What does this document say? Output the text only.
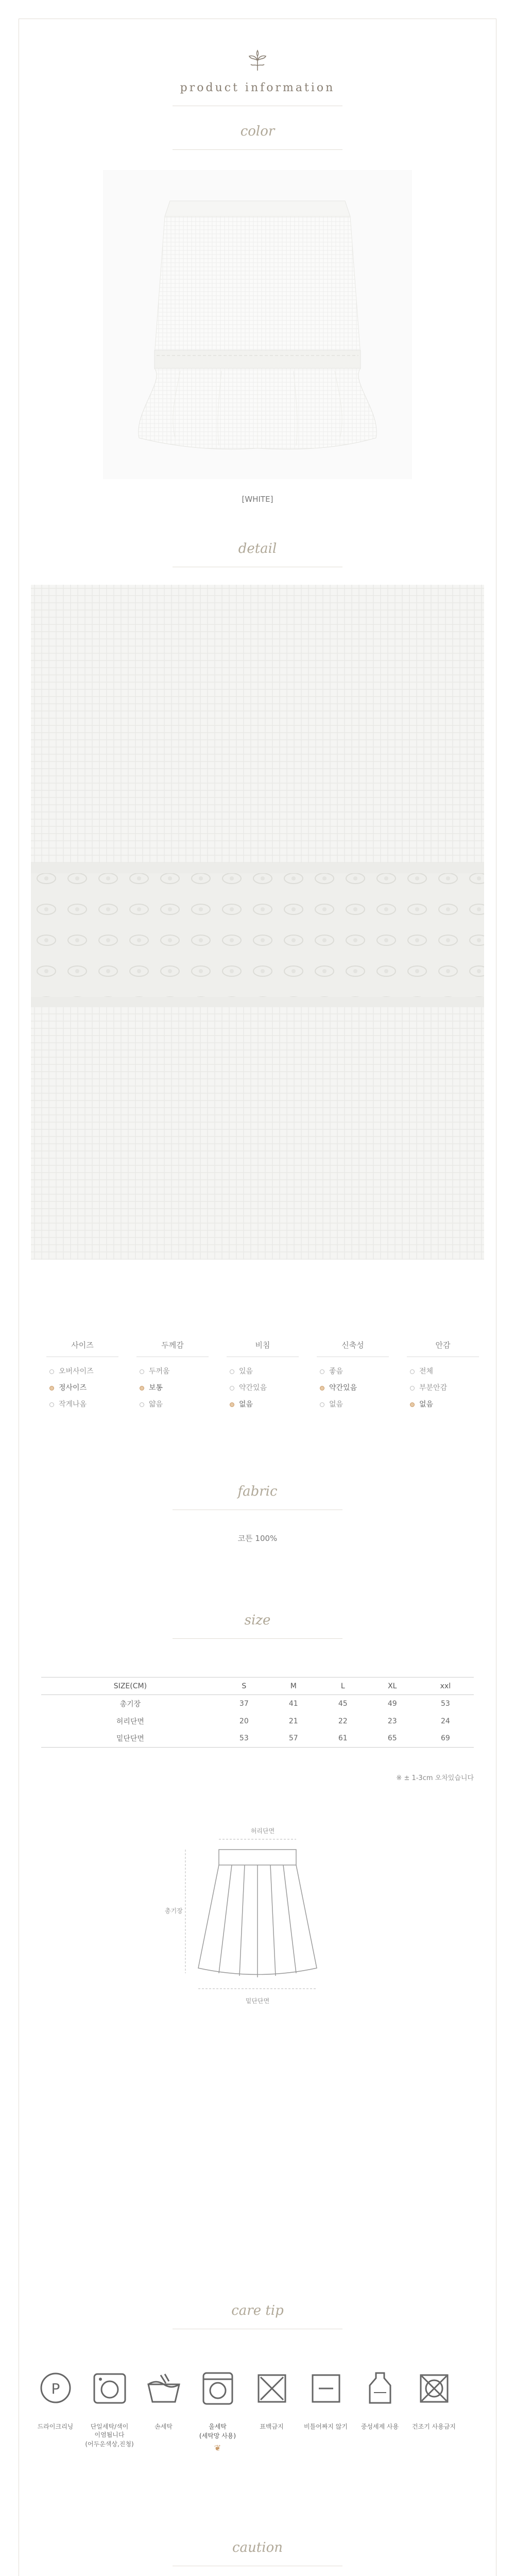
product information
color
[WHITE]
detail
사이즈
오버사이즈
정사이즈
작게나옴
두께감
두꺼움
보통
얇음
비침
있음
약간있음
없음
신축성
좋음
약간있음
없음
안감
전체
부분안감
없음
fabric
코튼 100%
size
SIZE(CM)	S	M	L	XL	xxl
총기장	37	41	45	49	53
허리단면	20	21	22	23	24
밑단단면	53	57	61	65	69
※ ± 1-3cm 오차있습니다
허리단면
총기장
밑단단면
care tip
P
드라이크리닝	단일세탁/색이
이염됩니다
(어두운색상,진청)
손세탁	울세탁
(세탁망 사용)
❦
표백금지	비틀어짜지 않기	중성세제 사용	건조기 사용금지
caution
